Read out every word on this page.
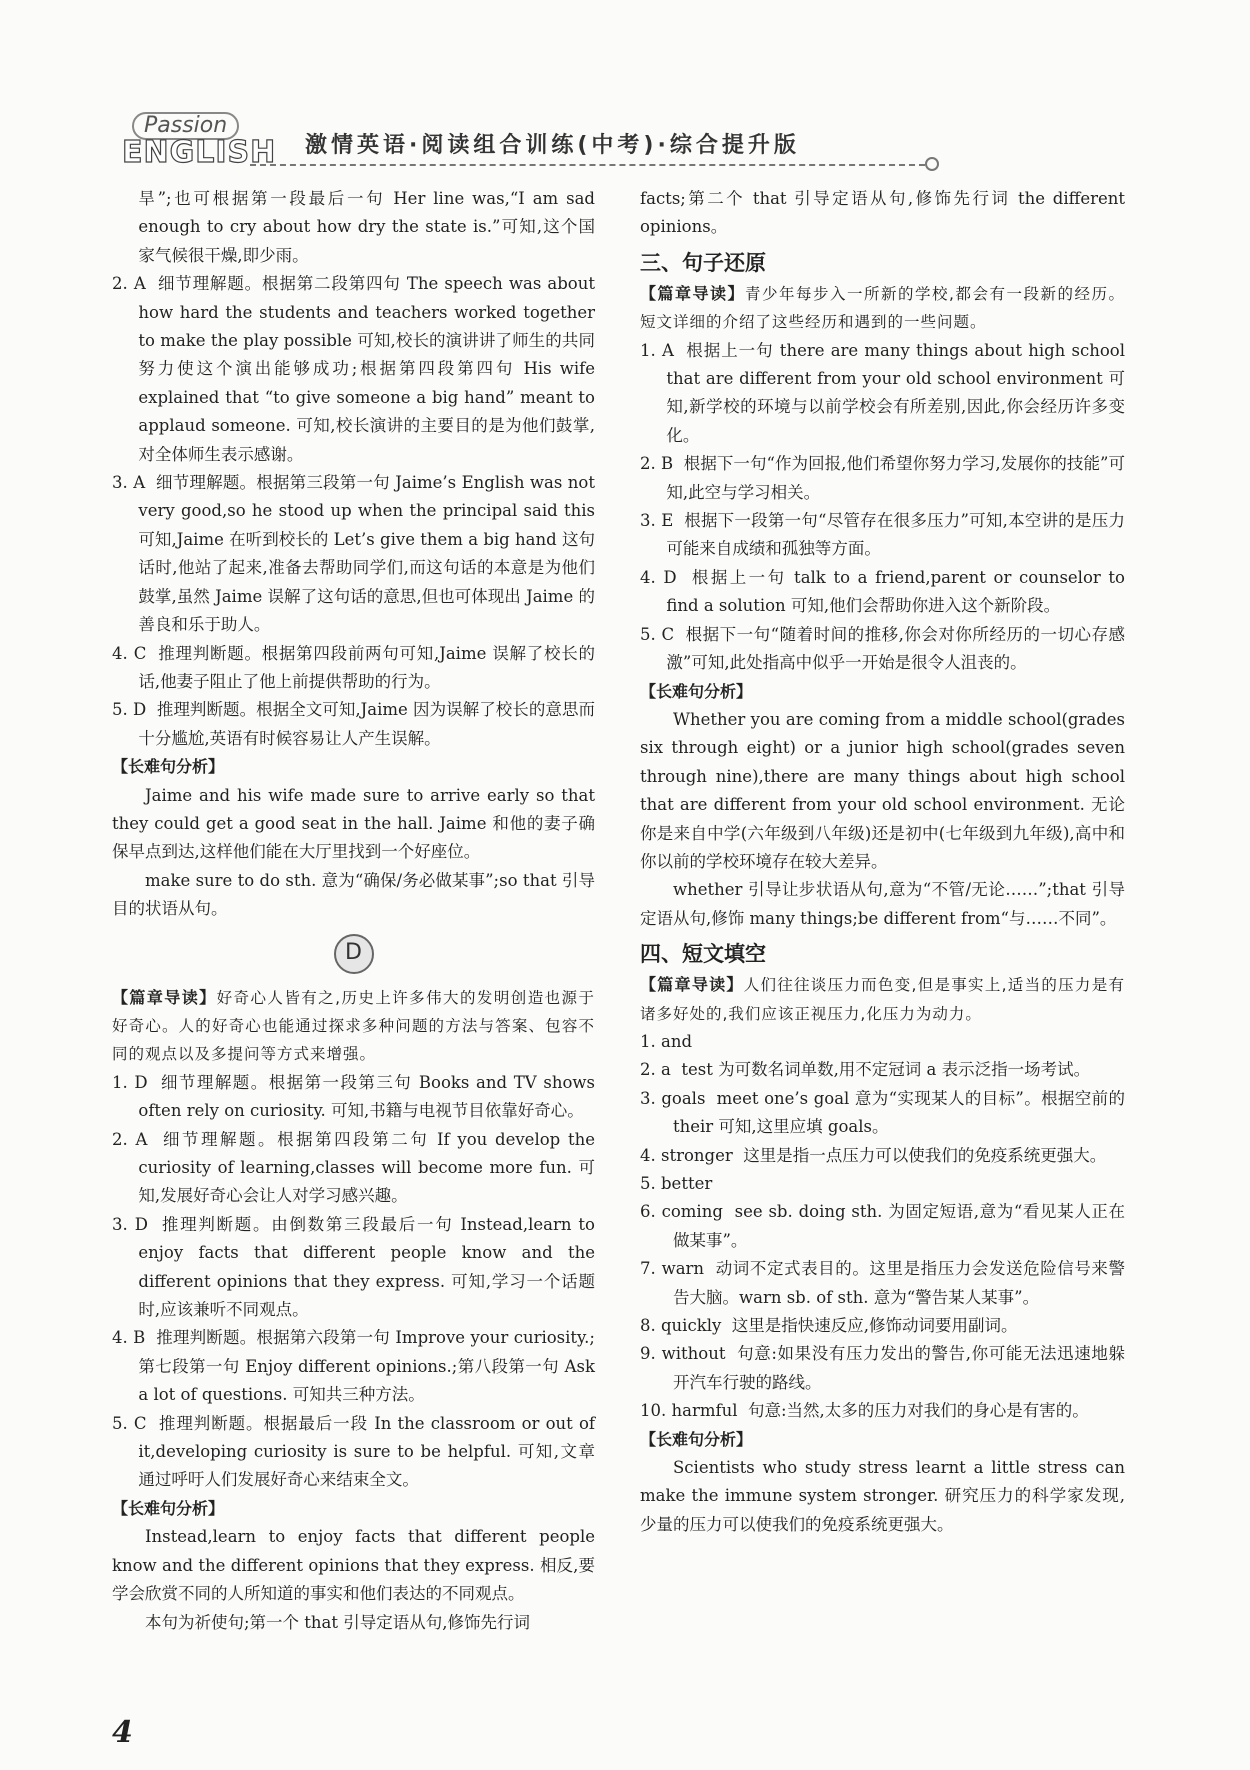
Passion
ENGLISH 激情英语·阅读组合训练(中考)·综合提升版

旱”;也可根据第一段最后一句 Her line was,“I am sad enough to cry about how dry the state is.”可知,这个国家气候很干燥,即少雨。

2. A 细节理解题。根据第二段第四句 The speech was about how hard the students and teachers worked together to make the play possible 可知,校长的演讲讲了师生的共同努力使这个演出能够成功;根据第四段第四句 His wife explained that “to give someone a big hand” meant to applaud someone. 可知,校长演讲的主要目的是为他们鼓掌,对全体师生表示感谢。

3. A 细节理解题。根据第三段第一句 Jaime’s English was not very good,so he stood up when the principal said this 可知,Jaime 在听到校长的 Let’s give them a big hand 这句话时,他站了起来,准备去帮助同学们,而这句话的本意是为他们鼓掌,虽然 Jaime 误解了这句话的意思,但也可体现出 Jaime 的善良和乐于助人。

4. C 推理判断题。根据第四段前两句可知,Jaime 误解了校长的话,他妻子阻止了他上前提供帮助的行为。

5. D 推理判断题。根据全文可知,Jaime 因为误解了校长的意思而十分尴尬,英语有时候容易让人产生误解。

【长难句分析】

Jaime and his wife made sure to arrive early so that they could get a good seat in the hall. Jaime 和他的妻子确保早点到达,这样他们能在大厅里找到一个好座位。

make sure to do sth. 意为“确保/务必做某事”;so that 引导目的状语从句。

D

【篇章导读】好奇心人皆有之,历史上许多伟大的发明创造也源于好奇心。人的好奇心也能通过探求多种问题的方法与答案、包容不同的观点以及多提问等方式来增强。

1. D 细节理解题。根据第一段第三句 Books and TV shows often rely on curiosity. 可知,书籍与电视节目依靠好奇心。

2. A 细节理解题。根据第四段第二句 If you develop the curiosity of learning,classes will become more fun. 可知,发展好奇心会让人对学习感兴趣。

3. D 推理判断题。由倒数第三段最后一句 Instead,learn to enjoy facts that different people know and the different opinions that they express. 可知,学习一个话题时,应该兼听不同观点。

4. B 推理判断题。根据第六段第一句 Improve your curiosity.;第七段第一句 Enjoy different opinions.;第八段第一句 Ask a lot of questions. 可知共三种方法。

5. C 推理判断题。根据最后一段 In the classroom or out of it,developing curiosity is sure to be helpful. 可知,文章通过呼吁人们发展好奇心来结束全文。

【长难句分析】

Instead,learn to enjoy facts that different people know and the different opinions that they express. 相反,要学会欣赏不同的人所知道的事实和他们表达的不同观点。

本句为祈使句;第一个 that 引导定语从句,修饰先行词

facts;第二个 that 引导定语从句,修饰先行词 the different opinions。

三、句子还原

【篇章导读】青少年每步入一所新的学校,都会有一段新的经历。短文详细的介绍了这些经历和遇到的一些问题。

1. A 根据上一句 there are many things about high school that are different from your old school environment 可知,新学校的环境与以前学校会有所差别,因此,你会经历许多变化。

2. B 根据下一句“作为回报,他们希望你努力学习,发展你的技能”可知,此空与学习相关。

3. E 根据下一段第一句“尽管存在很多压力”可知,本空讲的是压力可能来自成绩和孤独等方面。

4. D 根据上一句 talk to a friend,parent or counselor to find a solution 可知,他们会帮助你进入这个新阶段。

5. C 根据下一句“随着时间的推移,你会对你所经历的一切心存感激”可知,此处指高中似乎一开始是很令人沮丧的。

【长难句分析】

Whether you are coming from a middle school(grades six through eight) or a junior high school(grades seven through nine),there are many things about high school that are different from your old school environment. 无论你是来自中学(六年级到八年级)还是初中(七年级到九年级),高中和你以前的学校环境存在较大差异。

whether 引导让步状语从句,意为“不管/无论……”;that 引导定语从句,修饰 many things;be different from“与……不同”。

四、短文填空

【篇章导读】人们往往谈压力而色变,但是事实上,适当的压力是有诸多好处的,我们应该正视压力,化压力为动力。

1. and

2. a test 为可数名词单数,用不定冠词 a 表示泛指一场考试。

3. goals meet one’s goal 意为“实现某人的目标”。根据空前的 their 可知,这里应填 goals。

4. stronger 这里是指一点压力可以使我们的免疫系统更强大。

5. better

6. coming see sb. doing sth. 为固定短语,意为“看见某人正在做某事”。

7. warn 动词不定式表目的。这里是指压力会发送危险信号来警告大脑。warn sb. of sth. 意为“警告某人某事”。

8. quickly 这里是指快速反应,修饰动词要用副词。

9. without 句意:如果没有压力发出的警告,你可能无法迅速地躲开汽车行驶的路线。

10. harmful 句意:当然,太多的压力对我们的身心是有害的。

【长难句分析】

Scientists who study stress learnt a little stress can make the immune system stronger. 研究压力的科学家发现,少量的压力可以使我们的免疫系统更强大。

4
